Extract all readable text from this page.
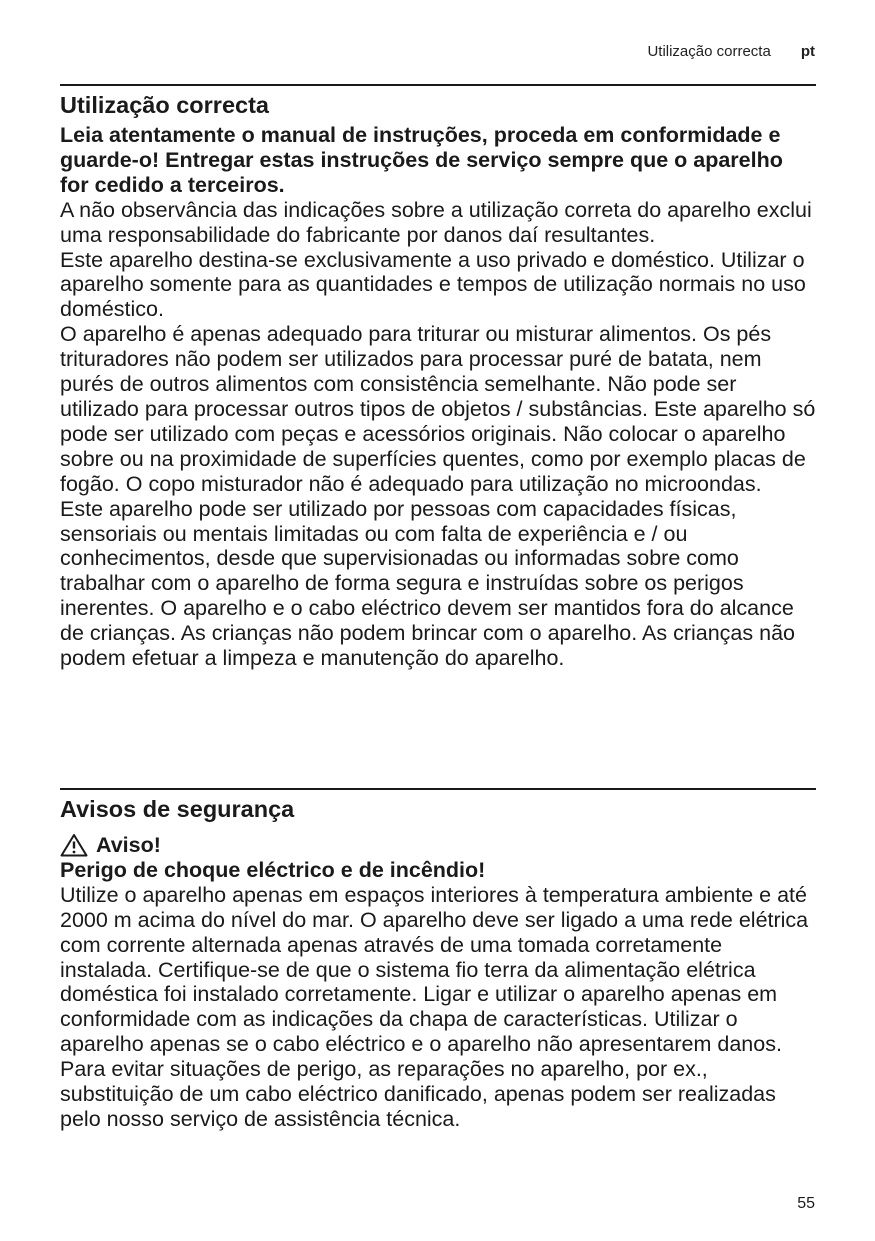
Utilização correcta pt

Utilização correcta

Leia atentamente o manual de instruções, proceda em conformidade e guarde-o! Entregar estas instruções de serviço sempre que o aparelho for cedido a terceiros.

A não observância das indicações sobre a utilização correta do aparelho exclui uma responsabilidade do fabricante por danos daí resultantes.

Este aparelho destina-se exclusivamente a uso privado e doméstico. Utilizar o aparelho somente para as quantidades e tempos de utilização normais no uso doméstico.

O aparelho é apenas adequado para triturar ou misturar alimentos. Os pés trituradores não podem ser utilizados para processar puré de batata, nem purés de outros alimentos com consistência semelhante. Não pode ser utilizado para processar outros tipos de objetos / substâncias. Este aparelho só pode ser utilizado com peças e acessórios originais. Não colocar o aparelho sobre ou na proximidade de superfícies quentes, como por exemplo placas de fogão. O copo misturador não é adequado para utilização no microondas.

Este aparelho pode ser utilizado por pessoas com capacidades físicas, sensoriais ou mentais limitadas ou com falta de experiência e / ou conhecimentos, desde que supervisionadas ou informadas sobre como trabalhar com o aparelho de forma segura e instruídas sobre os perigos inerentes. O aparelho e o cabo eléctrico devem ser mantidos fora do alcance de crianças. As crianças não podem brincar com o aparelho. As crianças não podem efetuar a limpeza e manutenção do aparelho.

Avisos de segurança

Aviso!

Perigo de choque eléctrico e de incêndio!

Utilize o aparelho apenas em espaços interiores à temperatura ambiente e até 2000 m acima do nível do mar. O aparelho deve ser ligado a uma rede elétrica com corrente alternada apenas através de uma tomada corretamente instalada. Certifique-se de que o sistema fio terra da alimentação elétrica doméstica foi instalado corretamente. Ligar e utilizar o aparelho apenas em conformidade com as indicações da chapa de características. Utilizar o aparelho apenas se o cabo eléctrico e o aparelho não apresentarem danos. Para evitar situações de perigo, as reparações no aparelho, por ex., substituição de um cabo eléctrico danificado, apenas podem ser realizadas pelo nosso serviço de assistência técnica.

55
